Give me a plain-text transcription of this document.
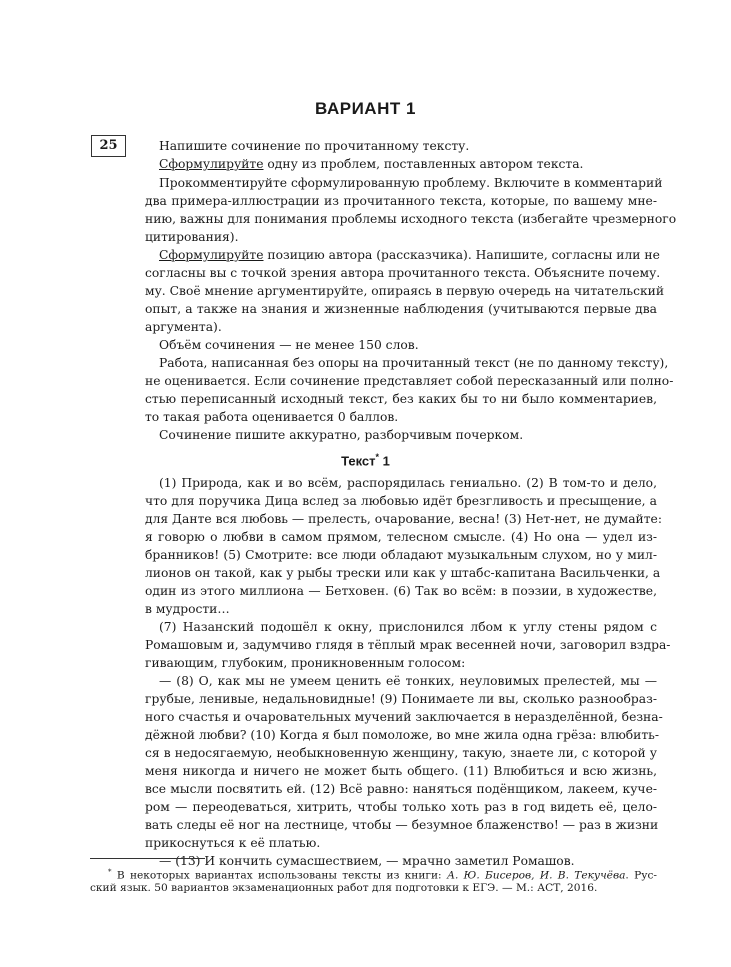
ВАРИАНТ 1
25	Напишите сочинение по прочитанному тексту.
Сформулируйте одну из проблем, поставленных автором текста.
Прокомментируйте сформулированную проблему. Включите в комментарий
два примера-иллюстрации из прочитанного текста, которые, по вашему мне-
нию, важны для понимания проблемы исходного текста (избегайте чрезмерного
цитирования).
Сформулируйте позицию автора (рассказчика). Напишите, согласны или не
согласны вы с точкой зрения автора прочитанного текста. Объясните почему.
му. Своё мнение аргументируйте, опираясь в первую очередь на читательский
опыт, а также на знания и жизненные наблюдения (учитываются первые два
аргумента).
Объём сочинения — не менее 150 слов.
Работа, написанная без опоры на прочитанный текст (не по данному тексту),
не оценивается. Если сочинение представляет собой пересказанный или полно-
стью переписанный исходный текст, без каких бы то ни было комментариев,
то такая работа оценивается 0 баллов.
Сочинение пишите аккуратно, разборчивым почерком.
Текст* 1
(1) Природа, как и во всём, распорядилась гениально. (2) В том-то и дело,
что для поручика Дица вслед за любовью идёт брезгливость и пресыщение, а
для Данте вся любовь — прелесть, очарование, весна! (3) Нет-нет, не думайте:
я говорю о любви в самом прямом, телесном смысле. (4) Но она — удел из-
бранников! (5) Смотрите: все люди обладают музыкальным слухом, но у мил-
лионов он такой, как у рыбы трески или как у штабс-капитана Васильченки, а
один из этого миллиона — Бетховен. (6) Так во всём: в поэзии, в художестве,
в мудрости…
(7) Назанский подошёл к окну, прислонился лбом к углу стены рядом с
Ромашовым и, задумчиво глядя в тёплый мрак весенней ночи, заговорил вздра-
гивающим, глубоким, проникновенным голосом:
— (8) О, как мы не умеем ценить её тонких, неуловимых прелестей, мы —
грубые, ленивые, недальновидные! (9) Понимаете ли вы, сколько разнообраз-
ного счастья и очаровательных мучений заключается в неразделённой, безна-
дёжной любви? (10) Когда я был помоложе, во мне жила одна грёза: влюбить-
ся в недосягаемую, необыкновенную женщину, такую, знаете ли, с которой у
меня никогда и ничего не может быть общего. (11) Влюбиться и всю жизнь,
все мысли посвятить ей. (12) Всё равно: наняться подёнщиком, лакеем, куче-
ром — переодеваться, хитрить, чтобы только хоть раз в год видеть её, цело-
вать следы её ног на лестнице, чтобы — безумное блаженство! — раз в жизни
прикоснуться к её платью.
— (13) И кончить сумасшествием, — мрачно заметил Ромашов.
* В некоторых вариантах использованы тексты из книги: А. Ю. Бисеров, И. В. Текучёва. Рус-
ский язык. 50 вариантов экзаменационных работ для подготовки к ЕГЭ. — М.: АСТ, 2016.
